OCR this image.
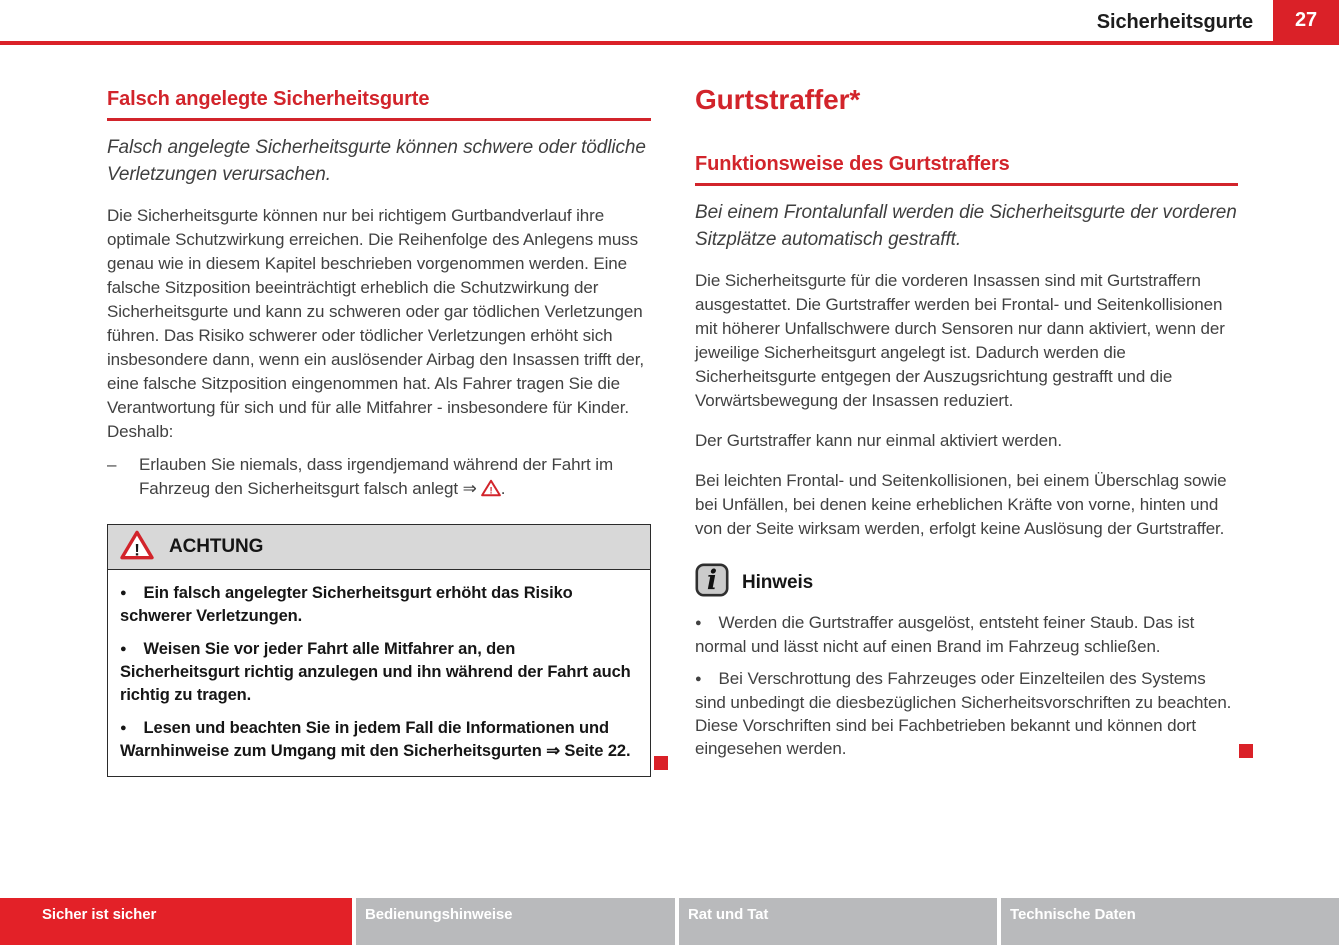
Sicherheitsgurte 27
Falsch angelegte Sicherheitsgurte

Falsch angelegte Sicherheitsgurte können schwere oder tödliche Verletzungen verursachen.

Die Sicherheitsgurte können nur bei richtigem Gurtbandverlauf ihre optimale Schutzwirkung erreichen. Die Reihenfolge des Anlegens muss genau wie in diesem Kapitel beschrieben vorgenommen werden. Eine falsche Sitzposition beeinträchtigt erheblich die Schutzwirkung der Sicherheitsgurte und kann zu schweren oder gar tödlichen Verletzungen führen. Das Risiko schwerer oder tödlicher Verletzungen erhöht sich insbesondere dann, wenn ein auslösender Airbag den Insassen trifft der, eine falsche Sitzposition eingenommen hat. Als Fahrer tragen Sie die Verantwortung für sich und für alle Mitfahrer - insbesondere für Kinder. Deshalb:

–	Erlauben Sie niemals, dass irgendjemand während der Fahrt im Fahrzeug den Sicherheitsgurt falsch anlegt ⇒ ! .
! ACHTUNG

● Ein falsch angelegter Sicherheitsgurt erhöht das Risiko schwerer Verletzungen.

● Weisen Sie vor jeder Fahrt alle Mitfahrer an, den Sicherheitsgurt richtig anzulegen und ihn während der Fahrt auch richtig zu tragen.

● Lesen und beachten Sie in jedem Fall die Informationen und Warnhinweise zum Umgang mit den Sicherheitsgurten ⇒ Seite 22.

Gurtstraffer*
Funktionsweise des Gurtstraffers

Bei einem Frontalunfall werden die Sicherheitsgurte der vorderen Sitzplätze automatisch gestrafft.

Die Sicherheitsgurte für die vorderen Insassen sind mit Gurtstraffern ausgestattet. Die Gurtstraffer werden bei Frontal- und Seitenkollisionen mit höherer Unfallschwere durch Sensoren nur dann aktiviert, wenn der jeweilige Sicherheitsgurt angelegt ist. Dadurch werden die Sicherheitsgurte entgegen der Auszugsrichtung gestrafft und die Vorwärtsbewegung der Insassen reduziert.

Der Gurtstraffer kann nur einmal aktiviert werden.

Bei leichten Frontal- und Seitenkollisionen, bei einem Überschlag sowie bei Unfällen, bei denen keine erheblichen Kräfte von vorne, hinten und von der Seite wirksam werden, erfolgt keine Auslösung der Gurtstraffer.

i Hinweis

● Werden die Gurtstraffer ausgelöst, entsteht feiner Staub. Das ist normal und lässt nicht auf einen Brand im Fahrzeug schließen.

● Bei Verschrottung des Fahrzeuges oder Einzelteilen des Systems sind unbedingt die diesbezüglichen Sicherheitsvorschriften zu beachten. Diese Vorschriften sind bei Fachbetrieben bekannt und können dort eingesehen werden.

Sicher ist sicher	Bedienungshinweise	Rat und Tat	Technische Daten
